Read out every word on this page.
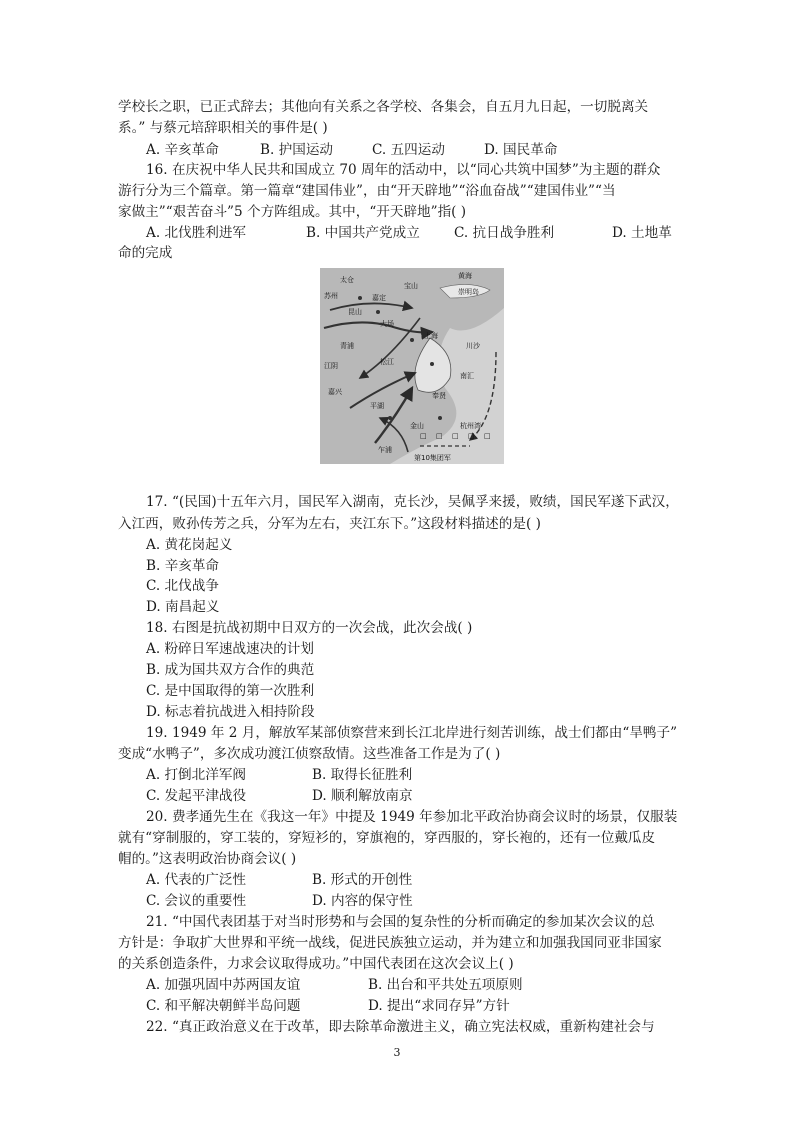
学校长之职，已正式辞去；其他向有关系之各学校、各集会，自五月九日起，一切脱离关
系。” 与蔡元培辞职相关的事件是( )
A. 辛亥革命	B. 护国运动	C. 五四运动	D. 国民革命
16. 在庆祝中华人民共和国成立 70 周年的活动中，以“同心共筑中国梦”为主题的群众
游行分为三个篇章。第一篇章“建国伟业”，由“开天辟地”“浴血奋战”“建国伟业”“当
家做主”“艰苦奋斗”5 个方阵组成。其中，“开天辟地”指( )
A. 北伐胜利进军	B. 中国共产党成立	C. 抗日战争胜利	D. 土地革
命的完成
黄海
崇明岛
太仓
嘉定
上海
宝山
大场
松江
南汇
奉贤
川沙
嘉兴
平湖
乍浦
金山
青浦
苏州
昆山
江阴
第10集团军
杭州湾
□ □ □ □ □
17. “(民国)十五年六月，国民军入湖南，克长沙，吴佩孚来援，败绩，国民军遂下武汉，
入江西，败孙传芳之兵，分军为左右，夹江东下。”这段材料描述的是( )
A. 黄花岗起义
B. 辛亥革命
C. 北伐战争
D. 南昌起义
18. 右图是抗战初期中日双方的一次会战，此次会战( )
A. 粉碎日军速战速决的计划
B. 成为国共双方合作的典范
C. 是中国取得的第一次胜利
D. 标志着抗战进入相持阶段
19. 1949 年 2 月，解放军某部侦察营来到长江北岸进行刻苦训练，战士们都由“旱鸭子”
变成“水鸭子”，多次成功渡江侦察敌情。这些准备工作是为了( )
A. 打倒北洋军阀	B. 取得长征胜利
C. 发起平津战役	D. 顺利解放南京
20. 费孝通先生在《我这一年》中提及 1949 年参加北平政治协商会议时的场景，仅服装
就有“穿制服的，穿工装的，穿短衫的，穿旗袍的，穿西服的，穿长袍的，还有一位戴瓜皮
帽的。”这表明政治协商会议( )
A. 代表的广泛性	B. 形式的开创性
C. 会议的重要性	D. 内容的保守性
21. “中国代表团基于对当时形势和与会国的复杂性的分析而确定的参加某次会议的总
方针是：争取扩大世界和平统一战线，促进民族独立运动，并为建立和加强我国同亚非国家
的关系创造条件，力求会议取得成功。”中国代表团在这次会议上( )
A. 加强巩固中苏两国友谊	B. 出台和平共处五项原则
C. 和平解决朝鲜半岛问题	D. 提出“求同存异”方针
22. “真正政治意义在于改革，即去除革命激进主义，确立宪法权威，重新构建社会与
3
